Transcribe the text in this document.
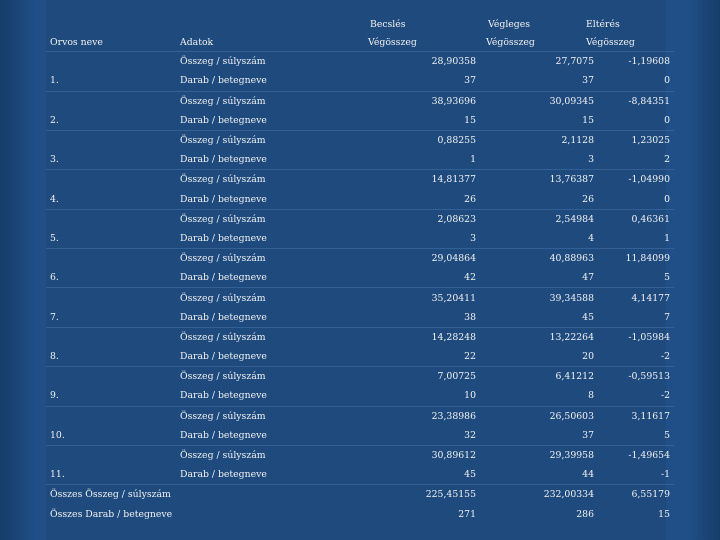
		Becslés	Végleges	Eltérés
Orvos neve	Adatok	Végösszeg	Végösszeg	Végösszeg
	Összeg / súlyszám	28,90358	27,7075	-1,19608
1.	Darab / betegneve	37	37	0
	Összeg / súlyszám	38,93696	30,09345	-8,84351
2.	Darab / betegneve	15	15	0
	Összeg / súlyszám	0,88255	2,1128	1,23025
3.	Darab / betegneve	1	3	2
	Összeg / súlyszám	14,81377	13,76387	-1,04990
4.	Darab / betegneve	26	26	0
	Összeg / súlyszám	2,08623	2,54984	0,46361
5.	Darab / betegneve	3	4	1
	Összeg / súlyszám	29,04864	40,88963	11,84099
6.	Darab / betegneve	42	47	5
	Összeg / súlyszám	35,20411	39,34588	4,14177
7.	Darab / betegneve	38	45	7
	Összeg / súlyszám	14,28248	13,22264	-1,05984
8.	Darab / betegneve	22	20	-2
	Összeg / súlyszám	7,00725	6,41212	-0,59513
9.	Darab / betegneve	10	8	-2
	Összeg / súlyszám	23,38986	26,50603	3,11617
10.	Darab / betegneve	32	37	5
	Összeg / súlyszám	30,89612	29,39958	-1,49654
11.	Darab / betegneve	45	44	-1
Összes Összeg / súlyszám		225,45155	232,00334	6,55179
Összes Darab / betegneve		271	286	15
